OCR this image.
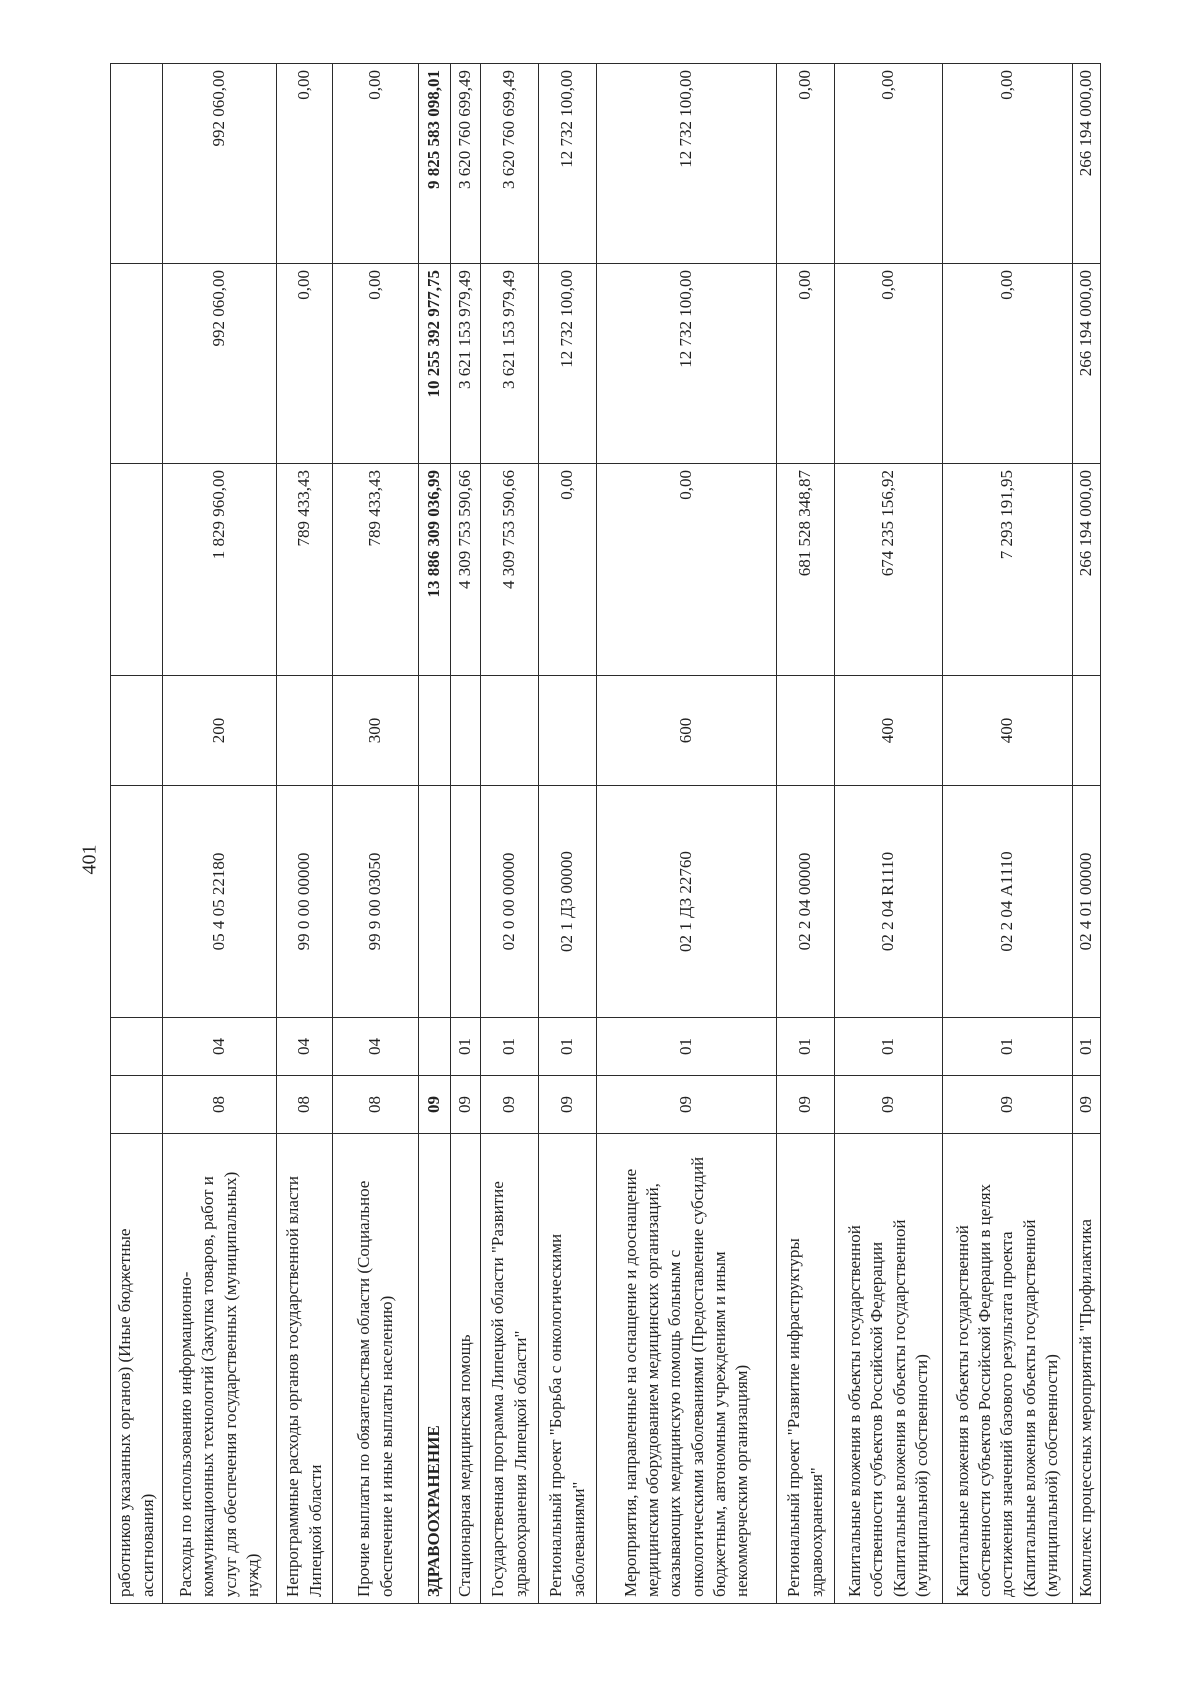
401
работников указанных органов) (Иные бюджетные ассигнования)							
Расходы по использованию информационно-коммуникационных технологий (Закупка товаров, работ и услуг для обеспечения государственных (муниципальных) нужд)	08	04	05 4 05 22180	200	1 829 960,00	992 060,00	992 060,00
Непрограммные расходы органов государственной власти Липецкой области	08	04	99 0 00 00000		789 433,43	0,00	0,00
Прочие выплаты по обязательствам области (Социальное обеспечение и иные выплаты населению)	08	04	99 9 00 03050	300	789 433,43	0,00	0,00
ЗДРАВООХРАНЕНИЕ	09				13 886 309 036,99	10 255 392 977,75	9 825 583 098,01
Стационарная медицинская помощь	09	01			4 309 753 590,66	3 621 153 979,49	3 620 760 699,49
Государственная программа Липецкой области "Развитие здравоохранения Липецкой области"	09	01	02 0 00 00000		4 309 753 590,66	3 621 153 979,49	3 620 760 699,49
Региональный проект "Борьба с онкологическими заболеваниями"	09	01	02 1 Д3 00000		0,00	12 732 100,00	12 732 100,00
Мероприятия, направленные на оснащение и дооснащение медицинским оборудованием медицинских организаций, оказывающих медицинскую помощь больным с онкологическими заболеваниями (Предоставление субсидий бюджетным, автономным учреждениям и иным некоммерческим организациям)	09	01	02 1 Д3 22760	600	0,00	12 732 100,00	12 732 100,00
Региональный проект "Развитие инфраструктуры здравоохранения"	09	01	02 2 04 00000		681 528 348,87	0,00	0,00
Капитальные вложения в объекты государственной собственности субъектов Российской Федерации (Капитальные вложения в объекты государственной (муниципальной) собственности)	09	01	02 2 04 R1110	400	674 235 156,92	0,00	0,00
Капитальные вложения в объекты государственной собственности субъектов Российской Федерации в целях достижения значений базового результата проекта (Капитальные вложения в объекты государственной (муниципальной) собственности)	09	01	02 2 04 А1110	400	7 293 191,95	0,00	0,00
Комплекс процессных мероприятий "Профилактика	09	01	02 4 01 00000		266 194 000,00	266 194 000,00	266 194 000,00
